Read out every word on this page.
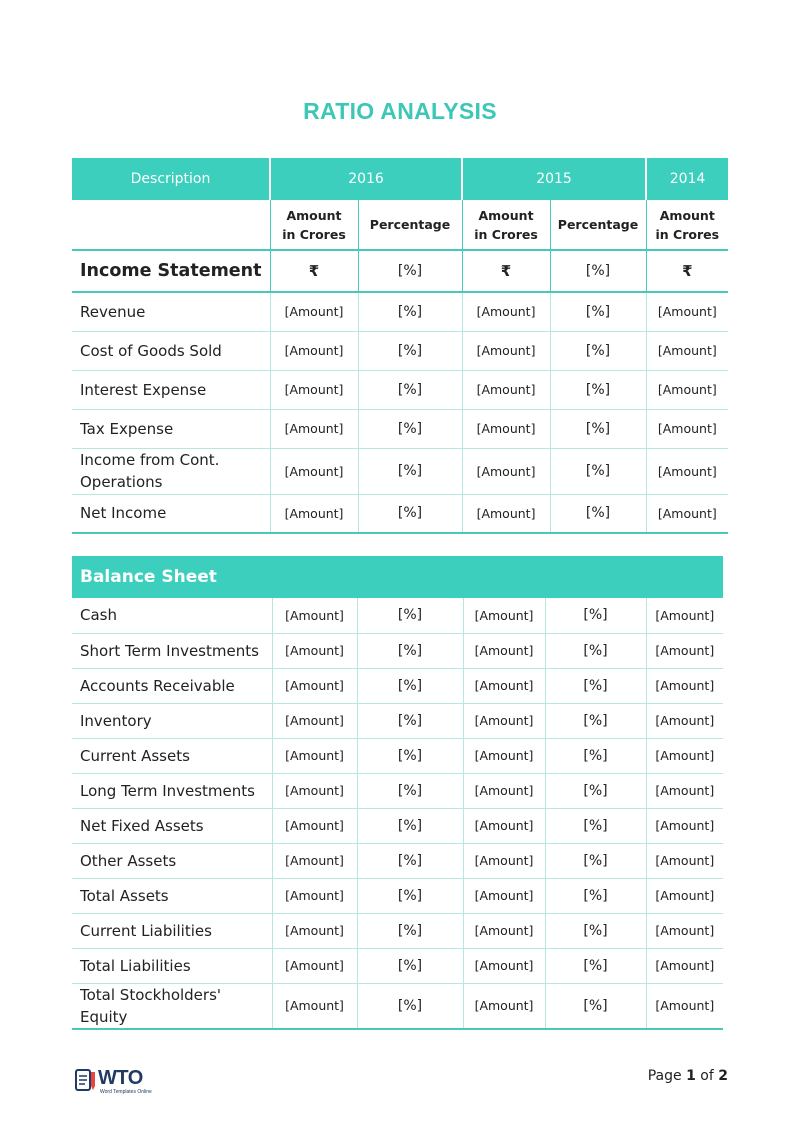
RATIO ANALYSIS
Description	2016		2015		2014
	Amount in Crores	Percentage	Amount in Crores	Percentage	Amount in Crores
Income Statement	₹	[%]	₹	[%]	₹
Revenue	[Amount]	[%]	[Amount]	[%]	[Amount]
Cost of Goods Sold	[Amount]	[%]	[Amount]	[%]	[Amount]
Interest Expense	[Amount]	[%]	[Amount]	[%]	[Amount]
Tax Expense	[Amount]	[%]	[Amount]	[%]	[Amount]
Income from Cont. Operations	[Amount]	[%]	[Amount]	[%]	[Amount]
Net Income	[Amount]	[%]	[Amount]	[%]	[Amount]
Balance Sheet					
Cash	[Amount]	[%]	[Amount]	[%]	[Amount]
Short Term Investments	[Amount]	[%]	[Amount]	[%]	[Amount]
Accounts Receivable	[Amount]	[%]	[Amount]	[%]	[Amount]
Inventory	[Amount]	[%]	[Amount]	[%]	[Amount]
Current Assets	[Amount]	[%]	[Amount]	[%]	[Amount]
Long Term Investments	[Amount]	[%]	[Amount]	[%]	[Amount]
Net Fixed Assets	[Amount]	[%]	[Amount]	[%]	[Amount]
Other Assets	[Amount]	[%]	[Amount]	[%]	[Amount]
Total Assets	[Amount]	[%]	[Amount]	[%]	[Amount]
Current Liabilities	[Amount]	[%]	[Amount]	[%]	[Amount]
Total Liabilities	[Amount]	[%]	[Amount]	[%]	[Amount]
Total Stockholders' Equity	[Amount]	[%]	[Amount]	[%]	[Amount]
WTO
Word Templates Online
Page 1 of 2
